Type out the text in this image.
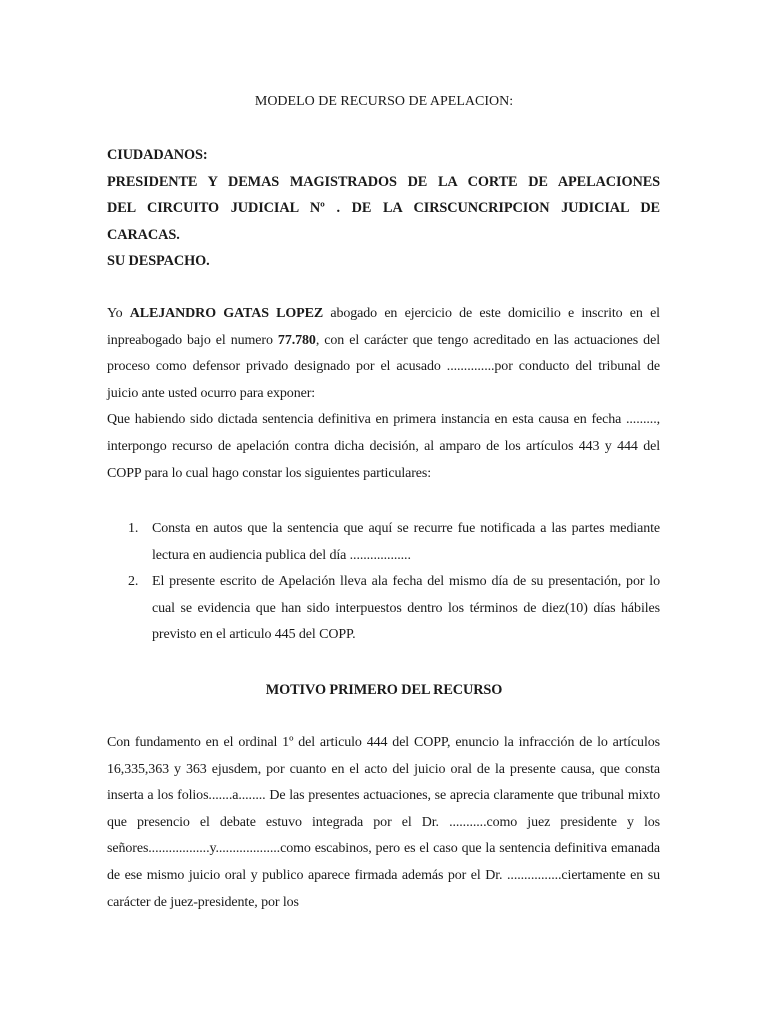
MODELO DE RECURSO DE APELACION:
CIUDADANOS:
PRESIDENTE Y DEMAS MAGISTRADOS DE LA CORTE DE APELACIONES
DEL CIRCUITO JUDICIAL Nº . DE LA CIRSCUNCRIPCION JUDICIAL DE
CARACAS.
SU DESPACHO.

Yo ALEJANDRO GATAS LOPEZ abogado en ejercicio de este domicilio e inscrito en el inpreabogado bajo el numero 77.780, con el carácter que tengo acreditado en las actuaciones del proceso como defensor privado designado por el acusado ..............por conducto del tribunal de juicio ante usted ocurro para exponer:

Que habiendo sido dictada sentencia definitiva en primera instancia en esta causa en fecha ........., interpongo recurso de apelación contra dicha decisión, al amparo de los artículos 443 y 444 del COPP para lo cual hago constar los siguientes particulares:

1. Consta en autos que la sentencia que aquí se recurre fue notificada a las partes mediante lectura en audiencia publica del día ..................
2. El presente escrito de Apelación lleva ala fecha del mismo día de su presentación, por lo cual se evidencia que han sido interpuestos dentro los términos de diez(10) días hábiles previsto en el articulo 445 del COPP.
MOTIVO PRIMERO DEL RECURSO

Con fundamento en el ordinal 1º del articulo 444 del COPP, enuncio la infracción de lo artículos 16,335,363 y 363 ejusdem, por cuanto en el acto del juicio oral de la presente causa, que consta inserta a los folios.......a........ De las presentes actuaciones, se aprecia claramente que tribunal mixto que presencio el debate estuvo integrada por el Dr. ...........como juez presidente y los señores..................y...................como escabinos, pero es el caso que la sentencia definitiva emanada de ese mismo juicio oral y publico aparece firmada además por el Dr. ................ciertamente en su carácter de juez-presidente, por los
